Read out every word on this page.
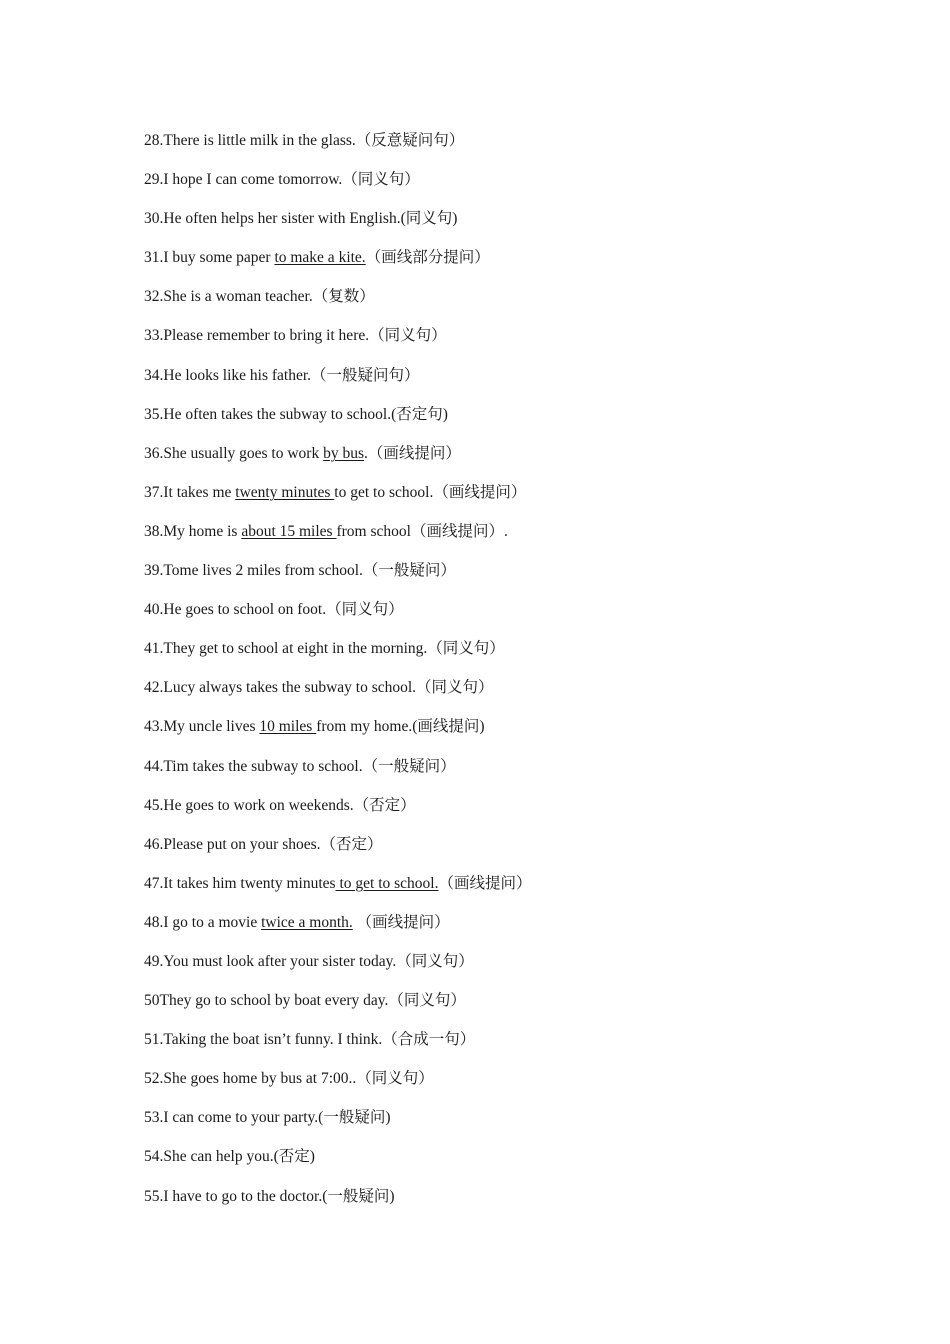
28.There is little milk in the glass.（反意疑问句）
29.I hope I can come tomorrow.（同义句）
30.He often helps her sister with English.(同义句)
31.I buy some paper to make a kite.（画线部分提问）
32.She is a woman teacher.（复数）
33.Please remember to bring it here.（同义句）
34.He looks like his father.（一般疑问句）
35.He often takes the subway to school.(否定句)
36.She usually goes to work by bus.（画线提问）
37.It takes me twenty minutes to get to school.（画线提问）
38.My home is about 15 miles from school（画线提问）.
39.Tome lives 2 miles from school.（一般疑问）
40.He goes to school on foot.（同义句）
41.They get to school at eight in the morning.（同义句）
42.Lucy always takes the subway to school.（同义句）
43.My uncle lives 10 miles from my home.(画线提问)
44.Tim takes the subway to school.（一般疑问）
45.He goes to work on weekends.（否定）
46.Please put on your shoes.（否定）
47.It takes him twenty minutes to get to school.（画线提问）
48.I go to a movie twice a month. （画线提问）
49.You must look after your sister today.（同义句）
50They go to school by boat every day.（同义句）
51.Taking the boat isn’t funny. I think.（合成一句）
52.She goes home by bus at 7:00..（同义句）
53.I can come to your party.(一般疑问)
54.She can help you.(否定)
55.I have to go to the doctor.(一般疑问)
